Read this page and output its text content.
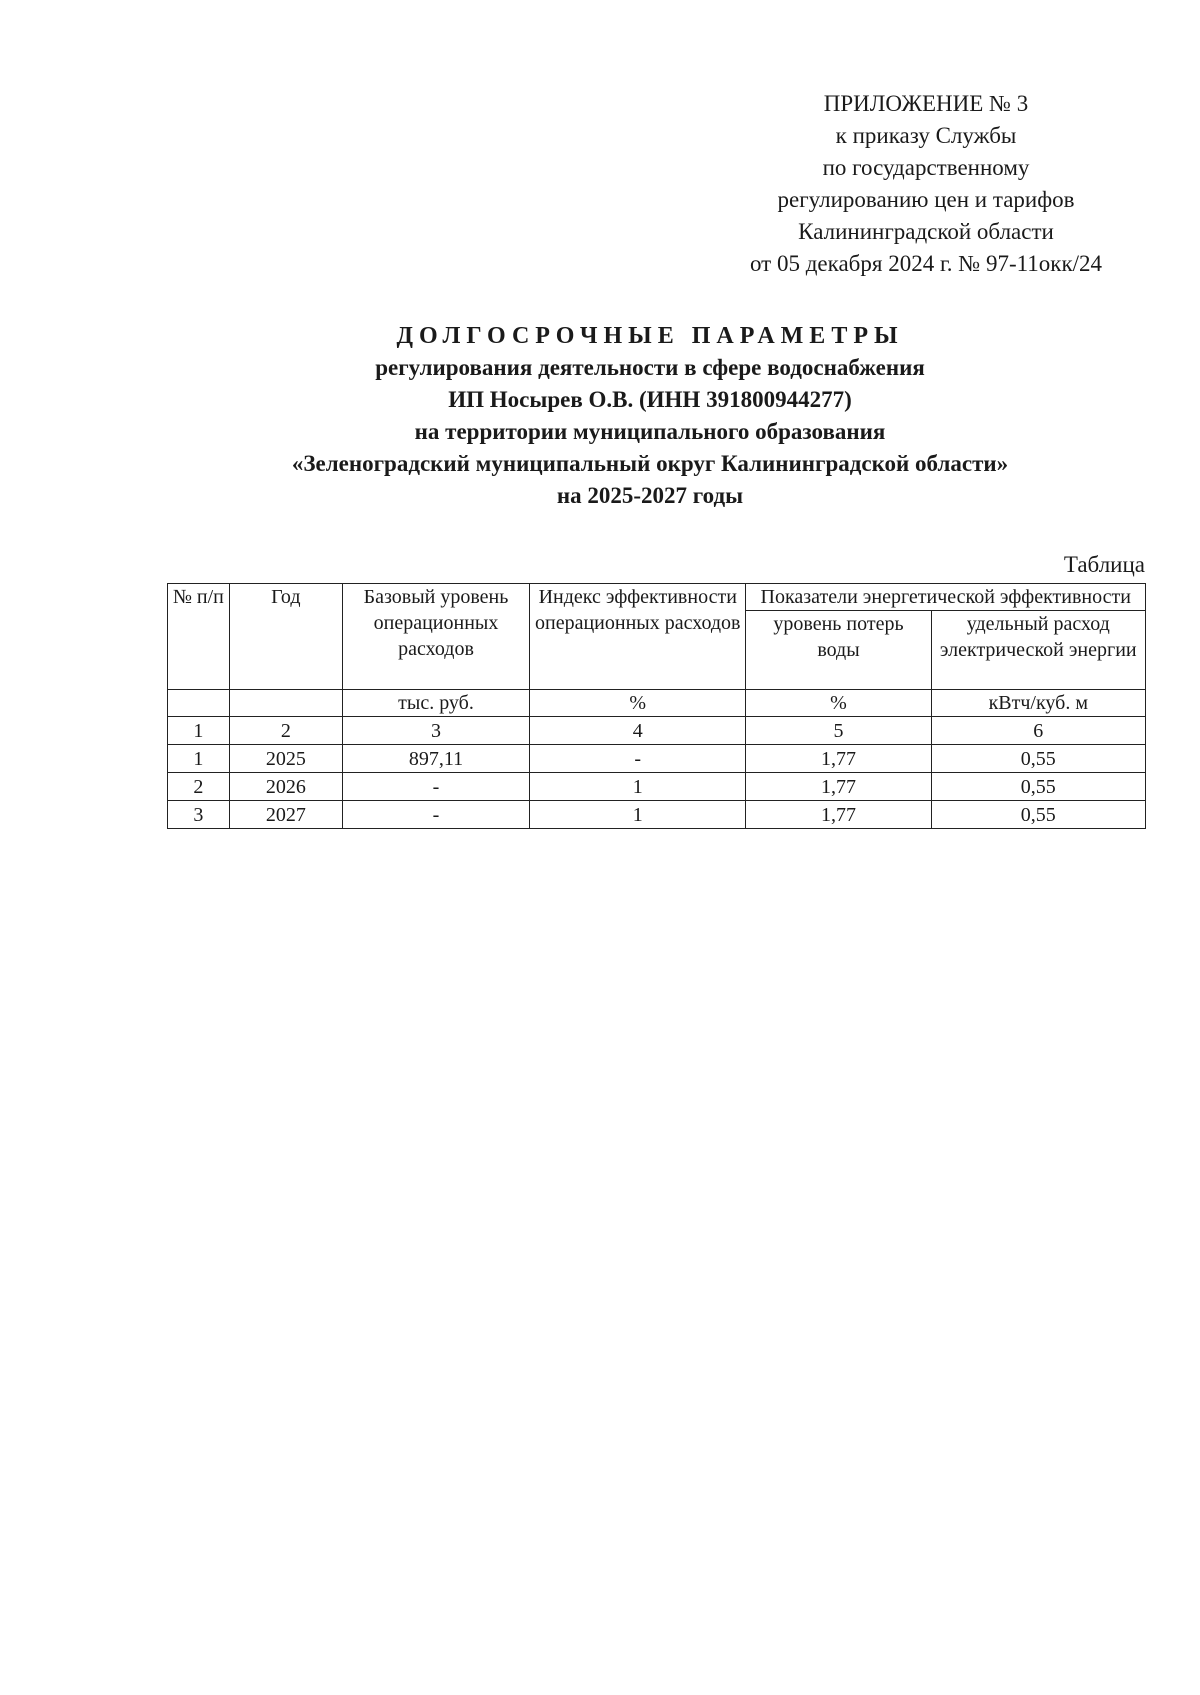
ПРИЛОЖЕНИЕ № 3
к приказу Службы
по государственному
регулированию цен и тарифов
Калининградской области
от 05 декабря 2024 г. № 97-11окк/24
ДОЛГОСРОЧНЫЕ ПАРАМЕТРЫ
регулирования деятельности в сфере водоснабжения
ИП Носырев О.В. (ИНН 391800944277)
на территории муниципального образования
«Зеленоградский муниципальный округ Калининградской области»
на 2025-2027 годы
Таблица
№ п/п	Год	Базовый уровень операционных расходов	Индекс эффективности операционных расходов	Показатели энергетической эффективности	
				уровень потерь воды	удельный расход электрической энергии
		тыс. руб.	%	%	кВтч/куб. м
1	2	3	4	5	6
1	2025	897,11	-	1,77	0,55
2	2026	-	1	1,77	0,55
3	2027	-	1	1,77	0,55
